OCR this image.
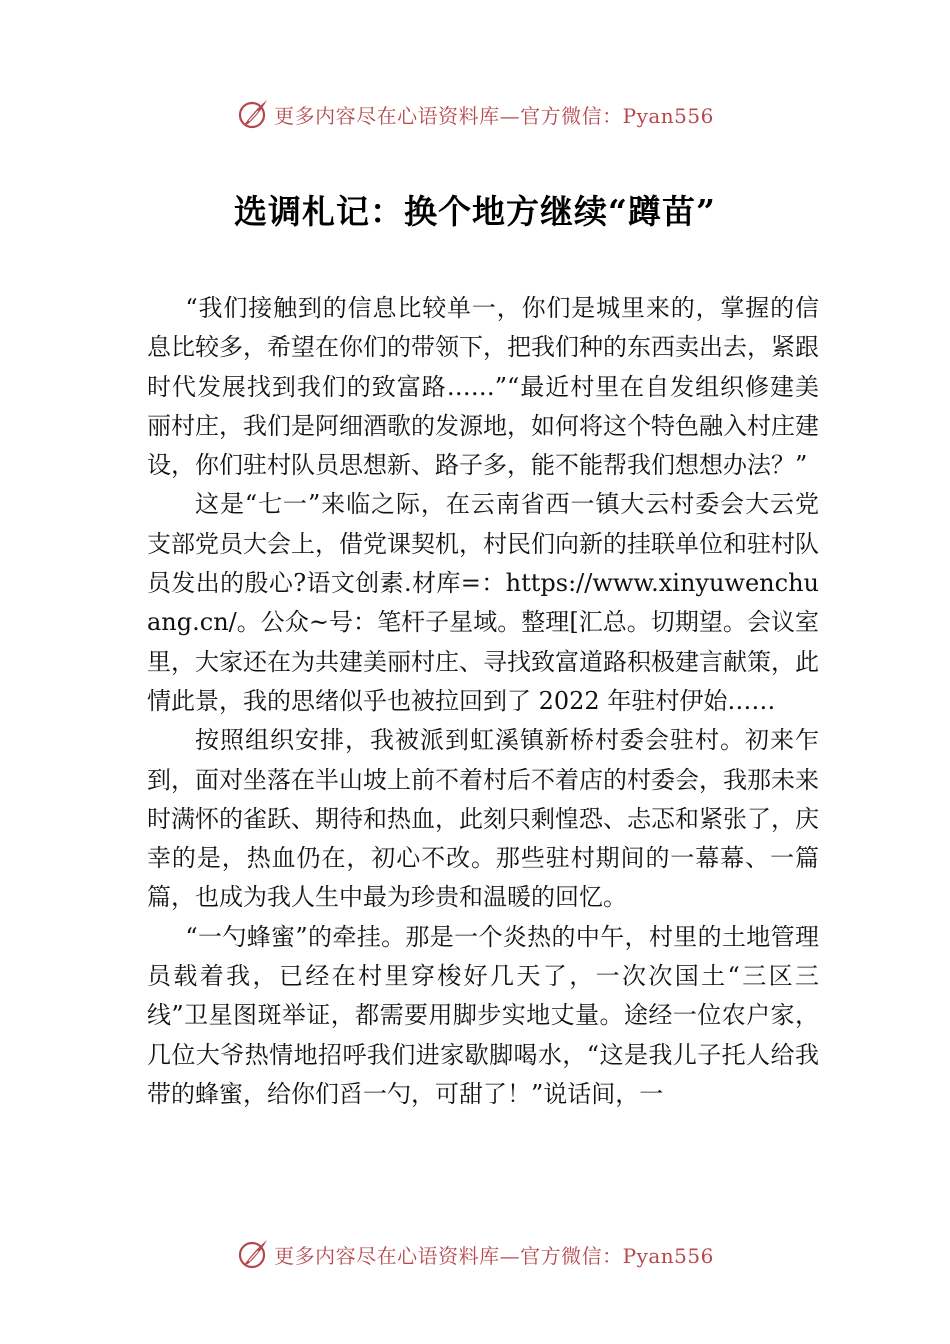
更多内容尽在心语资料库—官方微信：Pyan556
选调札记：换个地方继续“蹲苗”

“我们接触到的信息比较单一，你们是城里来的，掌握的信息比较多，希望在你们的带领下，把我们种的东西卖出去，紧跟时代发展找到我们的致富路……”“最近村里在自发组织修建美丽村庄，我们是阿细酒歌的发源地，如何将这个特色融入村庄建设，你们驻村队员思想新、路子多，能不能帮我们想想办法？”

这是“七一”来临之际，在云南省西一镇大云村委会大云党支部党员大会上，借党课契机，村民们向新的挂联单位和驻村队员发出的殷心?语文创素.材库=：https://www.xinyuwenchuang.cn/。公众~号：笔杆子星域。整理[汇总。切期望。会议室里，大家还在为共建美丽村庄、寻找致富道路积极建言献策，此情此景，我的思绪似乎也被拉回到了 2022 年驻村伊始……

按照组织安排，我被派到虹溪镇新桥村委会驻村。初来乍到，面对坐落在半山坡上前不着村后不着店的村委会，我那未来时满怀的雀跃、期待和热血，此刻只剩惶恐、忐忑和紧张了，庆幸的是，热血仍在，初心不改。那些驻村期间的一幕幕、一篇篇，也成为我人生中最为珍贵和温暖的回忆。

“一勺蜂蜜”的牵挂。那是一个炎热的中午，村里的土地管理员载着我，已经在村里穿梭好几天了，一次次国土“三区三线”卫星图斑举证，都需要用脚步实地丈量。途经一位农户家，几位大爷热情地招呼我们进家歇脚喝水，“这是我儿子托人给我带的蜂蜜，给你们舀一勺，可甜了！”说话间，一

更多内容尽在心语资料库—官方微信：Pyan556
